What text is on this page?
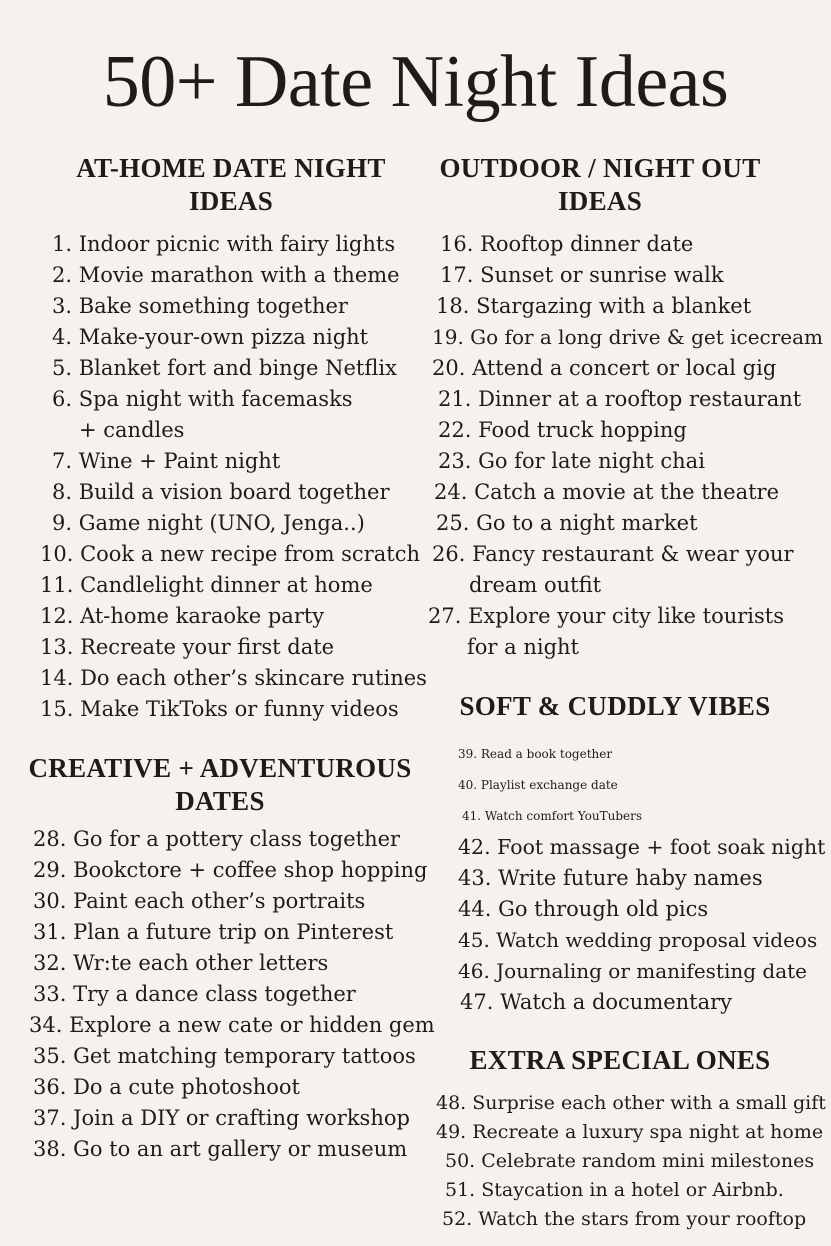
50+ Date Night Ideas
AT-HOME DATE NIGHT
IDEAS
1. Indoor picnic with fairy lights
2. Movie marathon with a theme
3. Bake something together
4. Make-your-own pizza night
5. Blanket fort and binge Netflix
6. Spa night with facemasks
+ candles
7. Wine + Paint night
8. Build a vision board together
9. Game night (UNO, Jenga..)
10. Cook a new recipe from scratch
11. Candlelight dinner at home
12. At-home karaoke party
13. Recreate your first date
14. Do each other’s skincare rutines
15. Make TikToks or funny videos
OUTDOOR / NIGHT OUT
IDEAS
16. Rooftop dinner date
17. Sunset or sunrise walk
18. Stargazing with a blanket
19. Go for a long drive & get icecream
20. Attend a concert or local gig
21. Dinner at a rooftop restaurant
22. Food truck hopping
23. Go for late night chai
24. Catch a movie at the theatre
25. Go to a night market
26. Fancy restaurant & wear your
dream outfit
27. Explore your city like tourists
for a night
SOFT & CUDDLY VIBES
39. Read a book together
40. Playlist exchange date
41. Watch comfort YouTubers
42. Foot massage + foot soak night
43. Write future haby names
44. Go through old pics
45. Watch wedding proposal videos
46. Journaling or manifesting date
47. Watch a documentary
CREATIVE + ADVENTUROUS
DATES
28. Go for a pottery class together
29. Bookctore + coffee shop hopping
30. Paint each other’s portraits
31. Plan a future trip on Pinterest
32. Wr:te each other letters
33. Try a dance class together
34. Explore a new cate or hidden gem
35. Get matching temporary tattoos
36. Do a cute photoshoot
37. Join a DIY or crafting workshop
38. Go to an art gallery or museum
EXTRA SPECIAL ONES
48. Surprise each other with a small gift
49. Recreate a luxury spa night at home
50. Celebrate random mini milestones
51. Staycation in a hotel or Airbnb.
52. Watch the stars from your rooftop
